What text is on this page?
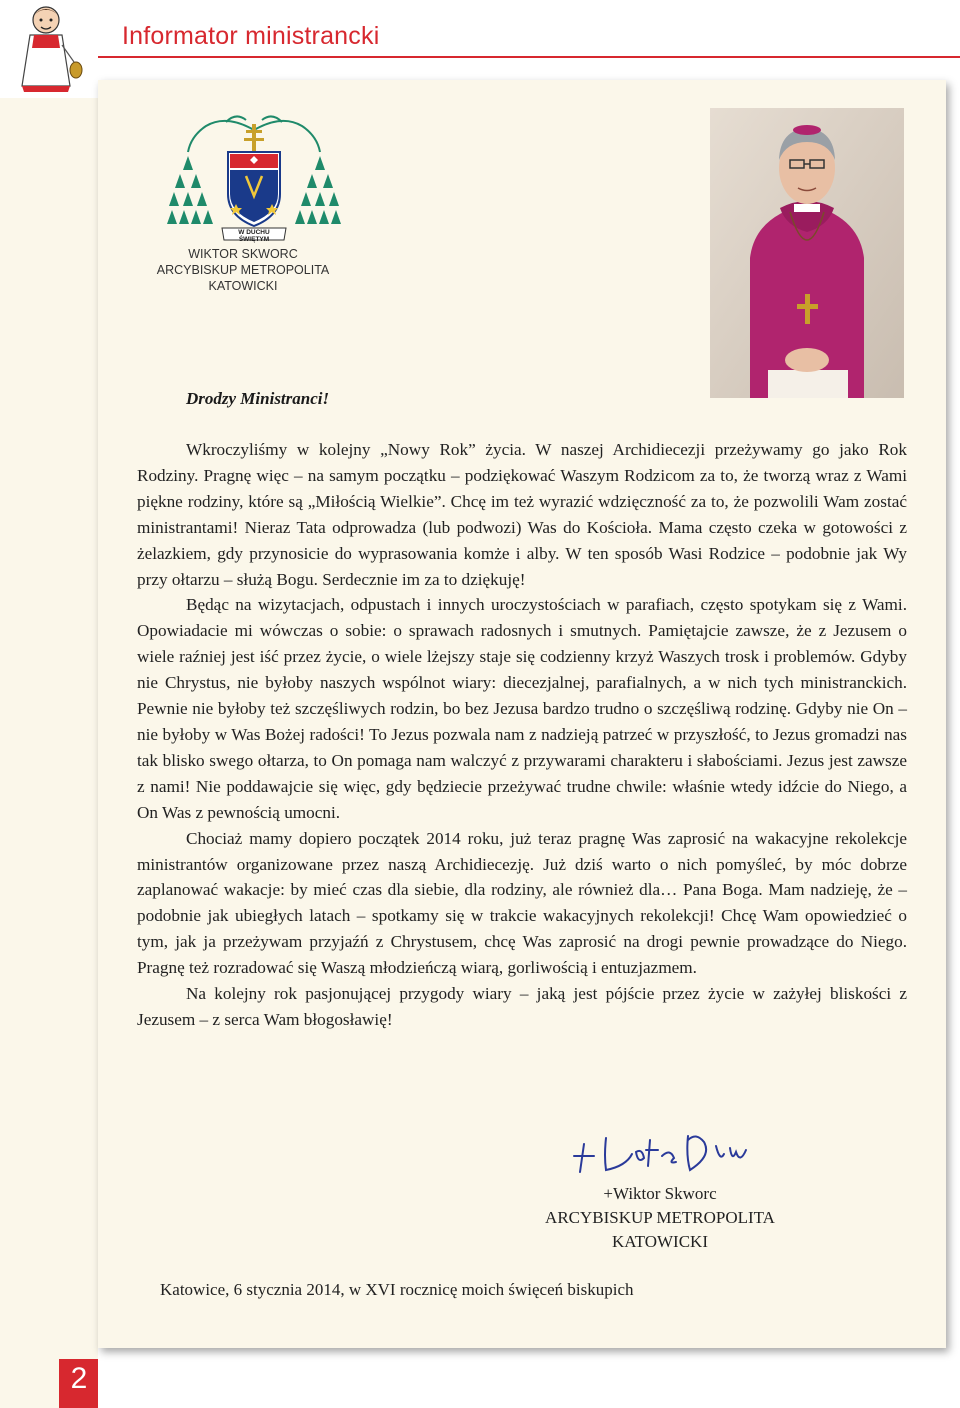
Informator ministrancki
W DUCHU ŚWIĘTYM
WIKTOR SKWORC
ARCYBISKUP METROPOLITA
KATOWICKI
Drodzy Ministranci!

Wkroczyliśmy w kolejny „Nowy Rok” życia. W naszej Archidiecezji przeżywamy go jako Rok Rodziny. Pragnę więc – na samym początku – podziękować Waszym Rodzicom za to, że tworzą wraz z Wami piękne rodziny, które są „Miłością Wielkie”. Chcę im też wyrazić wdzięczność za to, że pozwolili Wam zostać ministrantami! Nieraz Tata odprowadza (lub podwozi) Was do Kościoła. Mama często czeka w gotowości z żelazkiem, gdy przynosicie do wyprasowania komże i alby. W ten sposób Wasi Rodzice – podobnie jak Wy przy ołtarzu – służą Bogu. Serdecznie im za to dziękuję!

Będąc na wizytacjach, odpustach i innych uroczystościach w parafiach, często spotykam się z Wami. Opowiadacie mi wówczas o sobie: o sprawach radosnych i smutnych. Pamiętajcie zawsze, że z Jezusem o wiele raźniej jest iść przez życie, o wiele lżejszy staje się codzienny krzyż Waszych trosk i problemów. Gdyby nie Chrystus, nie byłoby naszych wspólnot wiary: diecezjalnej, parafialnych, a w nich tych ministranckich. Pewnie nie byłoby też szczęśliwych rodzin, bo bez Jezusa bardzo trudno o szczęśliwą rodzinę. Gdyby nie On – nie byłoby w Was Bożej radości! To Jezus pozwala nam z nadzieją patrzeć w przyszłość, to Jezus gromadzi nas tak blisko swego ołtarza, to On pomaga nam walczyć z przywarami charakteru i słabościami. Jezus jest zawsze z nami! Nie poddawajcie się więc, gdy będziecie przeżywać trudne chwile: właśnie wtedy idźcie do Niego, a On Was z pewnością umocni.

Chociaż mamy dopiero początek 2014 roku, już teraz pragnę Was zaprosić na wakacyjne rekolekcje ministrantów organizowane przez naszą Archidiecezję. Już dziś warto o nich pomyśleć, by móc dobrze zaplanować wakacje: by mieć czas dla siebie, dla rodziny, ale również dla… Pana Boga. Mam nadzieję, że – podobnie jak ubiegłych latach – spotkamy się w trakcie wakacyjnych rekolekcji! Chcę Wam opowiedzieć o tym, jak ja przeżywam przyjaźń z Chrystusem, chcę Was zaprosić na drogi pewnie prowadzące do Niego. Pragnę też rozradować się Waszą młodzieńczą wiarą, gorliwością i entuzjazmem.

Na kolejny rok pasjonującej przygody wiary – jaką jest pójście przez życie w zażyłej bliskości z Jezusem – z serca Wam błogosławię!

+Wiktor Skworc
ARCYBISKUP METROPOLITA
KATOWICKI
Katowice, 6 stycznia 2014, w XVI rocznicę moich święceń biskupich
2
